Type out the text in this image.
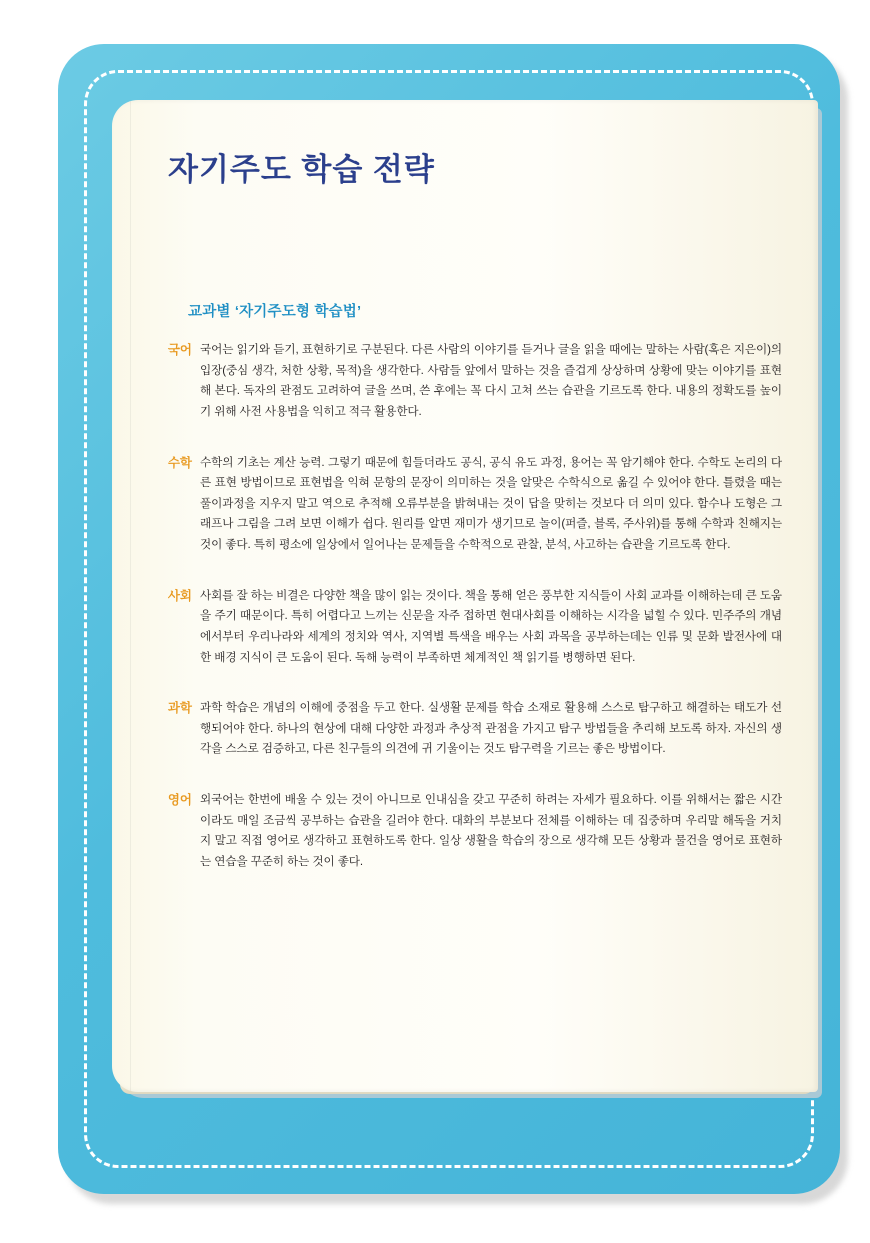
자기주도 학습 전략
교과별 ‘자기주도형 학습법’
국어 국어는 읽기와 듣기, 표현하기로 구분된다. 다른 사람의 이야기를 듣거나 글을 읽을 때에는 말하는 사람(혹은 지은이)의 입장(중심 생각, 처한 상황, 목적)을 생각한다. 사람들 앞에서 말하는 것을 즐겁게 상상하며 상황에 맞는 이야기를 표현해 본다. 독자의 관점도 고려하여 글을 쓰며, 쓴 후에는 꼭 다시 고쳐 쓰는 습관을 기르도록 한다. 내용의 정확도를 높이기 위해 사전 사용법을 익히고 적극 활용한다.
수학 수학의 기초는 계산 능력. 그렇기 때문에 힘들더라도 공식, 공식 유도 과정, 용어는 꼭 암기해야 한다. 수학도 논리의 다른 표현 방법이므로 표현법을 익혀 문항의 문장이 의미하는 것을 알맞은 수학식으로 옮길 수 있어야 한다. 틀렸을 때는 풀이과정을 지우지 말고 역으로 추적해 오류부분을 밝혀내는 것이 답을 맞히는 것보다 더 의미 있다. 함수나 도형은 그래프나 그림을 그려 보면 이해가 쉽다. 원리를 알면 재미가 생기므로 놀이(퍼즐, 블록, 주사위)를 통해 수학과 친해지는 것이 좋다. 특히 평소에 일상에서 일어나는 문제들을 수학적으로 관찰, 분석, 사고하는 습관을 기르도록 한다.
사회 사회를 잘 하는 비결은 다양한 책을 많이 읽는 것이다. 책을 통해 얻은 풍부한 지식들이 사회 교과를 이해하는데 큰 도움을 주기 때문이다. 특히 어렵다고 느끼는 신문을 자주 접하면 현대사회를 이해하는 시각을 넓힐 수 있다. 민주주의 개념에서부터 우리나라와 세계의 정치와 역사, 지역별 특색을 배우는 사회 과목을 공부하는데는 인류 및 문화 발전사에 대한 배경 지식이 큰 도움이 된다. 독해 능력이 부족하면 체계적인 책 읽기를 병행하면 된다.
과학 과학 학습은 개념의 이해에 중점을 두고 한다. 실생활 문제를 학습 소재로 활용해 스스로 탐구하고 해결하는 태도가 선행되어야 한다. 하나의 현상에 대해 다양한 과정과 추상적 관점을 가지고 탐구 방법들을 추리해 보도록 하자. 자신의 생각을 스스로 검증하고, 다른 친구들의 의견에 귀 기울이는 것도 탐구력을 기르는 좋은 방법이다.
영어 외국어는 한번에 배울 수 있는 것이 아니므로 인내심을 갖고 꾸준히 하려는 자세가 필요하다. 이를 위해서는 짧은 시간이라도 매일 조금씩 공부하는 습관을 길러야 한다. 대화의 부분보다 전체를 이해하는 데 집중하며 우리말 해독을 거치지 말고 직접 영어로 생각하고 표현하도록 한다. 일상 생활을 학습의 장으로 생각해 모든 상황과 물건을 영어로 표현하는 연습을 꾸준히 하는 것이 좋다.
